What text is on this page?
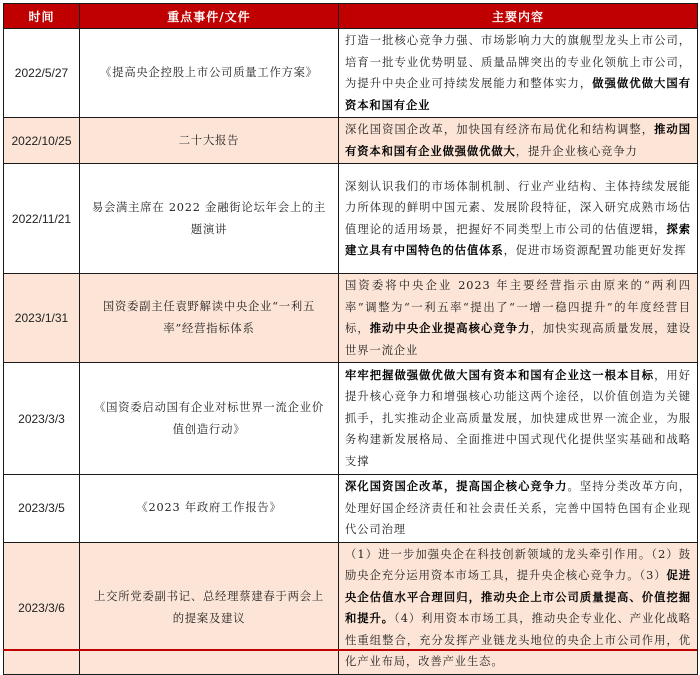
时间	重点事件/文件	主要内容
2022/5/27	《提高央企控股上市公司质量工作方案》	打造一批核心竞争力强、市场影响力大的旗舰型龙头上市公司，培育一批专业优势明显、质量品牌突出的专业化领航上市公司，为提升中央企业可持续发展能力和整体实力，做强做优做大国有资本和国有企业
2022/10/25	二十大报告	深化国资国企改革，加快国有经济布局优化和结构调整，推动国有资本和国有企业做强做优做大，提升企业核心竞争力
2022/11/21	易会满主席在 2022 金融街论坛年会上的主题演讲	深刻认识我们的市场体制机制、行业产业结构、主体持续发展能力所体现的鲜明中国元素、发展阶段特征，深入研究成熟市场估值理论的适用场景，把握好不同类型上市公司的估值逻辑，探索建立具有中国特色的估值体系，促进市场资源配置功能更好发挥
2023/1/31	国资委副主任袁野解读中央企业“一利五率”经营指标体系	国资委将中央企业 2023 年主要经营指示由原来的“两利四率”调整为“一利五率“提出了“一增一稳四提升”的年度经营目标，推动中央企业提高核心竞争力，加快实现高质量发展，建设世界一流企业
2023/3/3	《国资委启动国有企业对标世界一流企业价值创造行动》	牢牢把握做强做优做大国有资本和国有企业这一根本目标，用好提升核心竞争力和增强核心功能这两个途径，以价值创造为关键抓手，扎实推动企业高质量发展，加快建成世界一流企业，为服务构建新发展格局、全面推进中国式现代化提供坚实基础和战略支撑
2023/3/5	《2023 年政府工作报告》	深化国资国企改革，提高国企核心竞争力。坚持分类改革方向，处理好国企经济责任和社会责任关系，完善中国特色国有企业现代公司治理
2023/3/6	上交所党委副书记、总经理蔡建春于两会上的提案及建议	（1）进一步加强央企在科技创新领域的龙头牵引作用。（2）鼓励央企充分运用资本市场工具，提升央企核心竞争力。（3）促进央企估值水平合理回归，推动央企上市公司质量提高、价值挖掘和提升。（4）利用资本市场工具，推动央企专业化、产业化战略性重组整合，充分发挥产业链龙头地位的央企上市公司作用，优化产业布局，改善产业生态。
